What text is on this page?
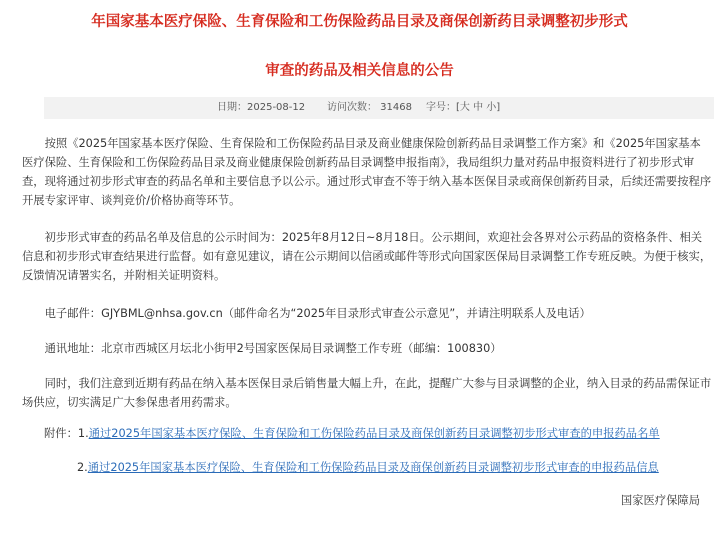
年国家基本医疗保险、生育保险和工伤保险药品目录及商保创新药目录调整初步形式
审查的药品及相关信息的公告
日期：2025-08-12 访问次数： 31468 字号：[大 中 小]

按照《2025年国家基本医疗保险、生育保险和工伤保险药品目录及商业健康保险创新药品目录调整工作方案》和《2025年国家基本医疗保险、生育保险和工伤保险药品目录及商业健康保险创新药品目录调整申报指南》，我局组织力量对药品申报资料进行了初步形式审查，现将通过初步形式审查的药品名单和主要信息予以公示。通过形式审查不等于纳入基本医保目录或商保创新药目录，后续还需要按程序开展专家评审、谈判竞价/价格协商等环节。

初步形式审查的药品名单及信息的公示时间为：2025年8月12日~8月18日。公示期间，欢迎社会各界对公示药品的资格条件、相关信息和初步形式审查结果进行监督。如有意见建议，请在公示期间以信函或邮件等形式向国家医保局目录调整工作专班反映。为便于核实，反馈情况请署实名，并附相关证明资料。

电子邮件：GJYBML@nhsa.gov.cn（邮件命名为“2025年目录形式审查公示意见”，并请注明联系人及电话）

通讯地址：北京市西城区月坛北小街甲2号国家医保局目录调整工作专班（邮编：100830）

同时，我们注意到近期有药品在纳入基本医保目录后销售量大幅上升，在此，提醒广大参与目录调整的企业，纳入目录的药品需保证市场供应，切实满足广大参保患者用药需求。

附件：1.通过2025年国家基本医疗保险、生育保险和工伤保险药品目录及商保创新药目录调整初步形式审查的申报药品名单
2.通过2025年国家基本医疗保险、生育保险和工伤保险药品目录及商保创新药目录调整初步形式审查的申报药品信息
国家医疗保障局
